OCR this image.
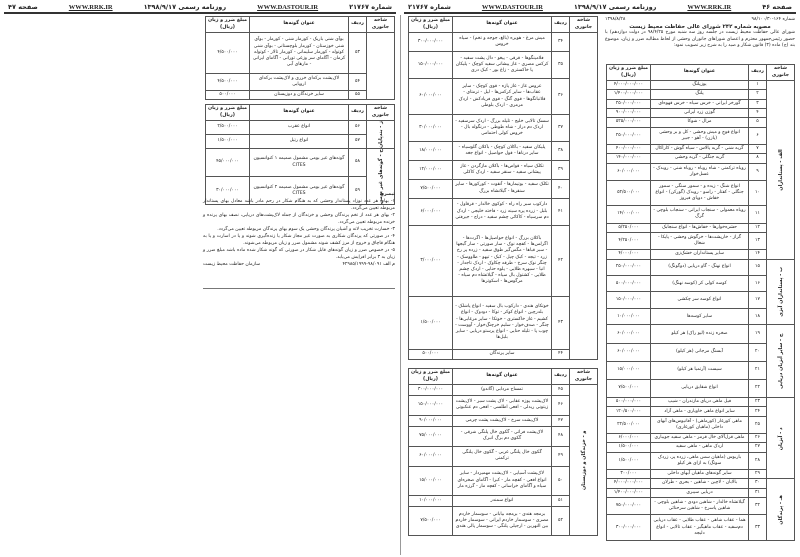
صفحه ۴۷	WWW.RRK.IR	روزنامه رسمی ۱۳۹۸/۹/۱۷	WWW.DASTOUR.IR	شماره ۲۱۷۶۷ شماره ۲۱۷۶۷	WWW.DASTOUR.IR	روزنامه رسمی ۱۳۹۸/۹/۱۷	WWW.RRK.IR	صفحه ۴۶
شماره ۱۶۴-۹۸/۱۰۰/۳۰
۱۳۹۸/۸/۲۸
مصوبه شماره ۲۴۲ شورای عالی حفاظت محیط زیست
شورای عالی حفاظت محیط زیست در جلسه روز سه شنبه مورخ ۹۸/۴/۲۵ در دولت دوازدهم) با حضور رئیس‌جمهور محترم و اعضای شورا‌های جانوران وحشی از لحاظ مطالبه ضرر و زیان، موضوع بند (ج) ماده (۳) قانون شکار و صید را به شرح زیر تصویب نمود:
شاخه جانوری	ردیف	عنوان گونه‌ها	مبلغ ضرر و زیان (ریال)
الف - پستانداران	۱	یوزپلنگ	۴/۰۰۰/۰۰۰/۰۰۰
	۲	پلنگ	۱/۴۰۰/۰۰۰/۰۰۰
	۳	گورخر ایرانی - خرس سیاه - خرس قهوه‌ای	۲۵۰/۰۰۰/۰۰۰
	۴	گوزن زرد ایرانی	۹۰۰/۰۰۰/۰۰۰
	۵	مرال - شوکا	۵۲۵/۰۰۰/۰۰۰
	۶	انواع قوچ و میش وحشی - کل و بز وحشی (پازن) - آهو - جبیر	۲۵۰/۰۰۰/۰۰۰
	۷	گربه شنی - گربه پالاس - سیاه گوش - کاراکال	۴۰۰/۰۰۰/۰۰۰
	۸	گربه جنگلی - گربه وحشی	۱۴۰/۰۰۰/۰۰۰
	۹	روباه ترکمنی - شاه روباه - روباه شنی - روبدک - عسل‌خوار	۶۰/۰۰۰/۰۰۰
	۱۰	انواع شنگ - زیده و - سمور سنگی - سمور جنگلی - کفتار - راسو - روبدک (گورکن) - انواع خفاش - دوپای فیروز	۵۲/۵۰۰/۰۰۰
	۱۱	روباه معمولی - سنجاب ایرانی - سنجاب بلوچی - گرگ	۱۴/۰۰۰/۰۰۰
	۱۲	حشره‌خوارها - خفاش‌ها - انواع سنجابک	۵/۲۵۰/۰۰۰
	۱۳	گراز - خارپشت‌ها - خرگوش وحشی - پایکا - شغال	۴/۲۵۰/۰۰۰
	۱۴	سایر پستانداران خشک‌زی	۴/۰۰۰/۰۰۰
ب - پستانداران آبزی	۱۵	انواع نهنگ - گاو دریایی (دوگونگ)	۲۵۰/۰۰۰/۰۰۰
	۱۶	کوسه کولی کر (کوسه نهنگ)	۵۰۰/۰۰۰/۰۰۰
	۱۷	انواع کوسه سر چکشی	۱۵۰/۰۰۰/۰۰۰
	۱۸	سایر کوسه‌ها	۱۰/۰۰۰/۰۰۰
ج - سایر آبزیان دریایی	۱۹	صخره زنده (لیو راک) هر کیلو	۶۰/۰۰۰/۰۰۰
	۲۰	آبسنگ مرجانی (هر کیلو)	۶۰/۰۰۰/۰۰۰
	۲۱	سیست (آرتمیا هر کیلو)	۱۵/۰۰۰/۰۰۰
	۲۲	انواع شقایق دریایی	۷/۵۰۰/۰۰۰
د - آبزیان	۲۳	فیل ماهی دریای مازندران - شیپ	۵۰۰/۰۰۰/۰۰۰
	۲۴	سایر انواع ماهی خاویاری - ماهی آزاد	۱۲۰/۵۰۰/۰۰۰
	۲۵	ماهی کورغار (کورماهی) - آفانیوس‌های آبهای داخلی (ماهیان کورغاری)	۲۲/۵۰۰/۰۰۰
	۲۶	ماهی قزل‌آلای خال قرمز - ماهی سفید جویباری	۶/۰۰۰/۰۰۰
	۲۷	اردک ماهی - ماهی سفید	۱/۵۰۰/۰۰۰
	۲۸	باربوس (ماهیان سس ماهی، زرده پر، زردک سوتگ) به ازای هر کیلو	۱/۵۰۰/۰۰۰
	۲۹	سایر گونه‌های ماهیان آبهای داخلی	۳۰۰/۰۰۰
هـ - پرندگان	۳۰	بالابان - لاچین - شاهین - بحری - طرلان	۴/۰۰۰/۰۰۰/۰۰۰
	۳۱	دربایی سیبری	۱/۴۰۰/۰۰۰/۰۰۰
	۳۲	گیلانشاه خالدار - شاهین دودی - شاهین بلوچی - شاهین پاسرخ - شاهین سرحنائی	۷۵۰/۰۰۰/۰۰۰
	۳۳	هما - عقاب شاهی - عقاب طلایی - عقاب دریایی دم‌سفید - عقاب ماهیگیر - عقاب تالابی - انواع دلیجه	۳۰۰/۰۰۰/۰۰۰
شاخه جانوری	ردیف	عنوان گونه‌ها	مبلغ ضرر و زیان (ریال)
	۳۴	میش مرغ - هوبره (بالغ، جوجه و تخم) - سیاه خروس	۳۰۰/۰۰۰/۰۰۰
	۳۵	فلامینگوها - قرقی - پیغو - دال پشت سفید - کرکس مصری - غاز پیشانی سفید کوچک - پلیکان پا خاکستری - زاغ بور - کبک دری	۱۵۰/۰۰۰/۰۰۰
	۳۶	عروس غاز - غاز پازه - قوی کوچک - سایر عقاب‌ها - سایر کرکس‌ها - لیل - ترمتای - قلاتبانگوها - قوی گنگ - قوی فریادکش - اردک مرمری - اردک بلوطی	۶۰/۰۰۰/۰۰۰
	۳۷	سسک تالابی خلیج - تلیله بزرگ - اردک سرسفید - اردک دم دراز - شاه طوطی - درنگوله بال - خروس کولی احتمامی	۳۰/۰۰۰/۰۰۰
	۳۸	پلیکان سفید - باکلان کوچک - باکلان گلوسیاه - سایر درناها - قول حواصیل - انواع جغد	۱۸/۰۰۰/۰۰۰
	۳۹	تکلک سیاه - قواص‌ها - باکلان مازگردن - غاز پیشانی سفید - سنقر سفید - اردک کاکلی	۱۲/۰۰۰/۰۰۰
	۴۰	تکلک سفید - بوتیمارها - آنقوت - کورکورها - سایر سنقرها - گیلانشاه بزرگ	۷/۵۰۰/۰۰۰
	۴۱	دارکوب سبز راه راه - کوکوی خالدار - قرقاول - بلبل - زرده پره سینه زرد - فاخته خلیجی - اردک دم سرسیاه - کاکائی چشم سفید - دراج - جیرفتی	۶/۰۰۰/۰۰۰
	۴۲	باکلان بزرگ - انواع حواصیل‌ها - اگرت‌ها - اگرلس‌ها - کفچه نوک - سار صورتی - سار گیجها - سبز قباها - مگس‌گیر طوق سفید - زرده پر رخ زرد - تیجه - کبک چیل - کبک - تیهو - طاووسک - چنگر نوک سرخ - طرقه چکاوک - اردک تاجدار - انیا - سبهره طلایی - پلوه حنایی - اردک چشم طلایی - کشتول بال سیاه - گیلانشاه دم سیاه - مرگوس‌ها - اسکوترها	۳/۰۰۰/۰۰۰
	۴۳	خوتکای هندی - دارکوب بال سفید - انواع پاشلک - بلدرچین - انواع کوکر - توکا - دودوک - انواع کشیم - غاز خاکستری - خوتکا - سایر مرغابی‌ها - چنگر - صدف‌خوار - سلیم خرچنگ‌خوار - آووست - چوب پا - تلیله حنایی - انواع پرستو دریایی - سایر بلبل‌ها	۱/۵۰۰/۰۰۰
	۴۴	سایر پرندگان	۵۰۰/۰۰۰
شاخه جانوری	ردیف	عنوان گونه‌ها	مبلغ ضرر و زیان (ریال)
و - خزندگان و دوزیستان	۴۵	تمساح مردابی (گاندو)	۳۰۰/۰۰۰/۰۰۰
	۴۶	لاک‌پشت پوزه عقابی - لاک پشت سبز - لاک‌پشت زیتونی ریدلی - افعی اطلسی - افعی دم عنکبوتی	۱۵۰/۰۰۰/۰۰۰
	۴۷	لاک‌پشت سرخ - لاک‌پشت پشت چرمی	۹۰/۰۰۰/۰۰۰
	۴۸	لاک‌پشت فراتی - گکوی خال پلنگی شرقی - گکوی دم برگ انبرک	۷۵/۰۰۰/۰۰۰
	۴۹	گکوی خال پلنگی غربی - گکوی خال پلنگی ترکمنی	۶۰/۰۰۰/۰۰۰
	۵۰	لاک‌پشت آسیایی - لاک‌پشت مهمیزدار - سایر انواع افعی - کفچه مار - کبرا - آگامای صخره‌ای سیاه و آگامای خراسانی - کفچه مار - گرزه مار	۱۵/۰۰۰/۰۰۰
	۵۱	انواع سمندر	۱۰/۰۰۰/۰۰۰
	۵۲	بزمجه هندی - بزمجه بیابانی - سوسمار خاردم مصری - سوسمار خاردم ایرانی - سوسمار خاردم بین النهرین - ارجیلی پلنگی - سوسمار پالی هندی	۷/۵۰۰/۰۰۰
شاخه جانوری	ردیف	عنوان گونه‌ها	مبلغ ضرر و زیان (ریال)
	۵۳	بوآی شنی باریک - کورمار شنی - کورمار - بوآی شنی خوزستان - کورمار بلوچستانی - بوآی شنی کوتوله - کورمار سلیمانی - کورمار تالار - کوتوله کرمان - آگامای سر وزغی تورانی - آگامای ایرانی - مارهای آبی	۴/۵۰۰/۰۰۰
	۵۴	لاک‌پشت برکه‌ای خزری و لاک‌پشت برکه‌ای اروپایی	۴/۵۰۰/۰۰۰
	۵۵	سایر خزندگان و دوزیستان	۵۰۰/۰۰۰
شاخه جانوری	ردیف	عنوان گونه‌ها	مبلغ ضرر و زیان (ریال)
ز - بندپایان	۵۶	انواع عقرب	۲/۵۰۰/۰۰۰
	۵۷	انواع رتیل	۱/۵۰۰/۰۰۰
ح - گونه‌های غیر بومی	۵۸	گونه‌های غیر بومی مشمول ضمیمه ۱ کنوانسیون CITES	۴۵/۰۰۰/۰۰۰
	۵۹	گونه‌های غیر بومی مشمول ضمیمه ۲ کنوانسیون CITES	۳۰/۰۰۰/۰۰۰
تبصره:
۱- بهای هر عدد نوزاد پستاندار وحشی که به هنگام شکار در رحم مادر باشد معادل بهای پستاندار مربوطه تعیین می‌گردد.
۲- بهای هر عدد از تخم پرندگان وحشی و خزندگان از جمله لاک‌پشت‌های دریایی، نصف بهای پرنده و خزنده مربوطه تعیین می‌گردد.
۳- خسارت تخریب لانه و آشیان پرندگان وحشی یک سوم بهای پرندگان مربوطه تعیین می‌گردد.
۴- در صورتی که پرندگان شکاری به صورت غیر مجاز شکار یا زنده‌گیری شوند و یا در اسارت و یا به هنگام قاچاق و خروج از مرز کشف شوند مشمول ضرر و زیان مربوطه می‌شوند.
۵- در خصوص ضرر و زیان گونه‌های قابل شکار در صورتی که گونه شکار شده ماده باشد مبلغ ضرر و زیان به ۳ برابر افزایش می‌یابد.
م الف ۹۸/۰۹۱-۴۲۹۸۵/۱۹۹۹
سازمان حفاظت محیط زیست
